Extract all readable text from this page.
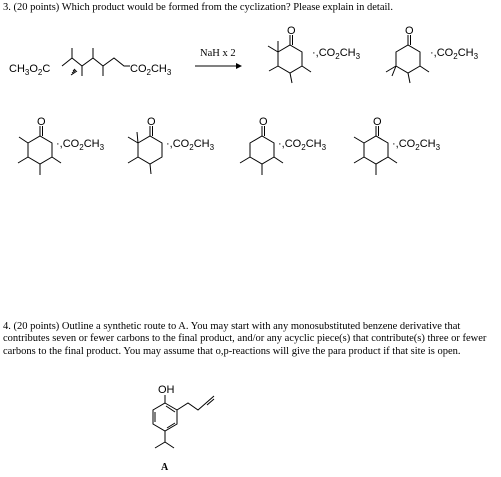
3. (20 points) Which product would be formed from the cyclization? Please explain in detail.
$CH_3O_2C$	$CO_2CH_3$
NaH x 2
O
$\cdot,CO_2CH_3$
O
$\cdot,CO_2CH_3$
O
$\cdot,CO_2CH_3$
O
$\cdot,CO_2CH_3$
O
$\cdot,CO_2CH_3$
O
$\cdot,CO_2CH_3$
OH
A

4. (20 points) Outline a synthetic route to A. You may start with any monosubstituted benzene derivative that contributes seven or fewer carbons to the final product, and/or any acyclic piece(s) that contribute(s) three or fewer carbons to the final product. You may assume that o,p-reactions will give the para product if that site is open.
